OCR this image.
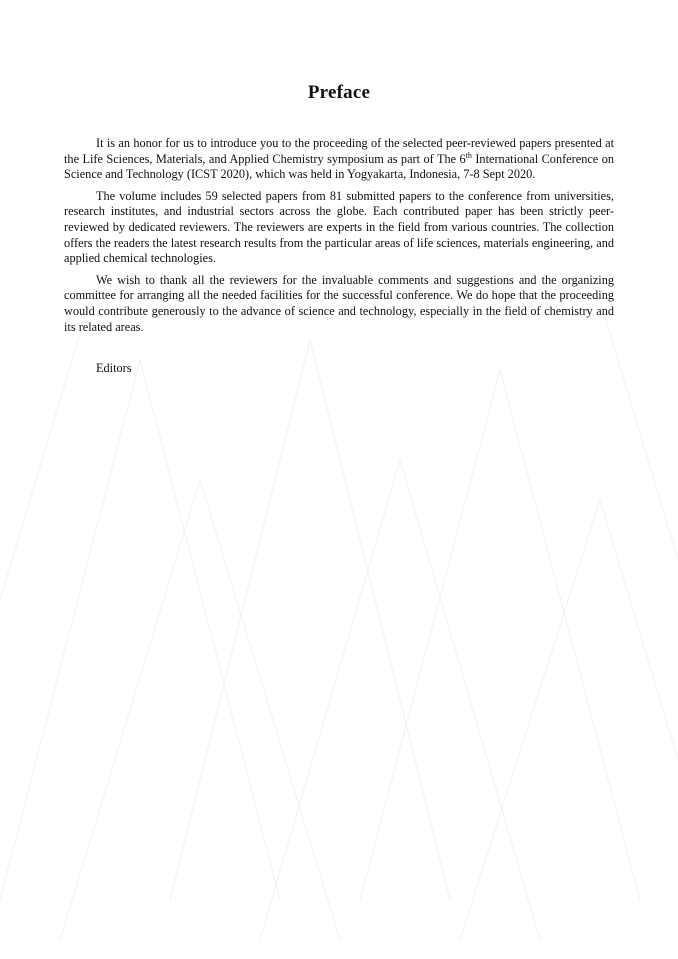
Preface

It is an honor for us to introduce you to the proceeding of the selected peer-reviewed papers presented at the Life Sciences, Materials, and Applied Chemistry symposium as part of The 6th International Conference on Science and Technology (ICST 2020), which was held in Yogyakarta, Indonesia, 7-8 Sept 2020.

The volume includes 59 selected papers from 81 submitted papers to the conference from universities, research institutes, and industrial sectors across the globe. Each contributed paper has been strictly peer-reviewed by dedicated reviewers. The reviewers are experts in the field from various countries. The collection offers the readers the latest research results from the particular areas of life sciences, materials engineering, and applied chemical technologies.

We wish to thank all the reviewers for the invaluable comments and suggestions and the organizing committee for arranging all the needed facilities for the successful conference. We do hope that the proceeding would contribute generously to the advance of science and technology, especially in the field of chemistry and its related areas.

Editors
